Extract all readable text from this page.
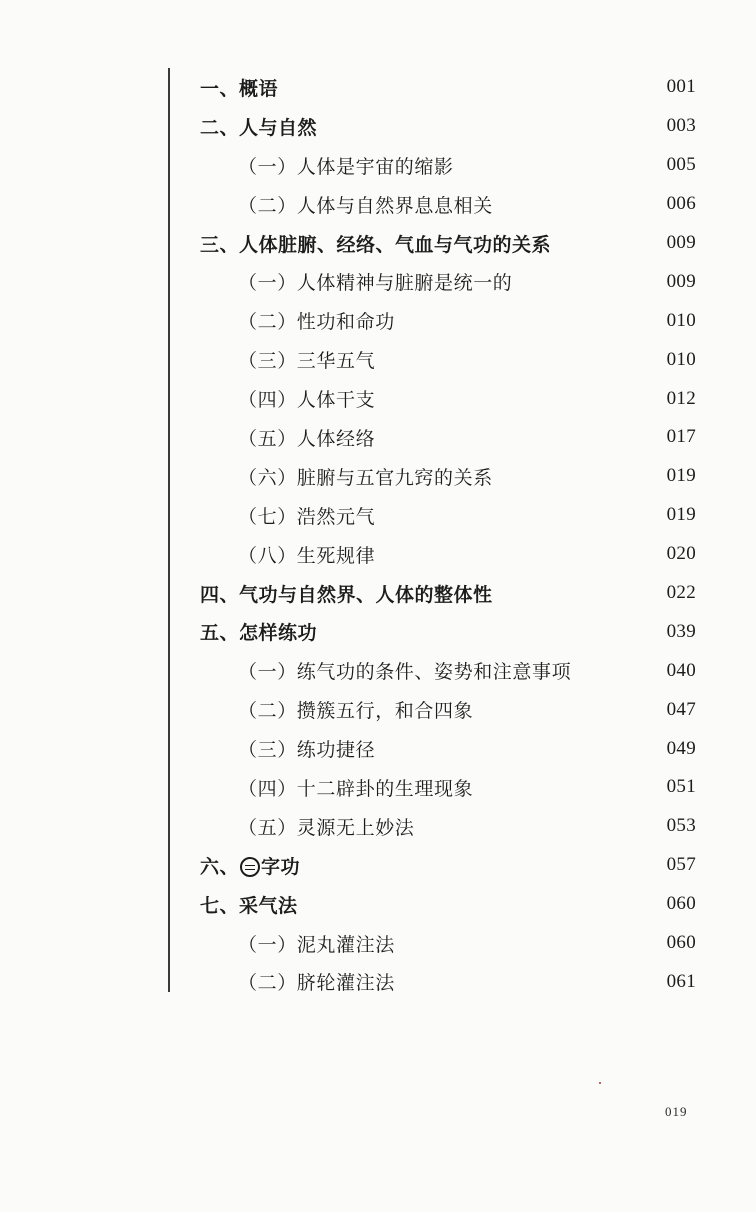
一、概语	001
二、人与自然	003
（一）人体是宇宙的缩影	005
（二）人体与自然界息息相关	006
三、人体脏腑、经络、气血与气功的关系	009
（一）人体精神与脏腑是统一的	009
（二）性功和命功	010
（三）三华五气	010
（四）人体干支	012
（五）人体经络	017
（六）脏腑与五官九窍的关系	019
（七）浩然元气	019
（八）生死规律	020
四、气功与自然界、人体的整体性	022
五、怎样练功	039
（一）练气功的条件、姿势和注意事项	040
（二）攒簇五行，和合四象	047
（三）练功捷径	049
（四）十二辟卦的生理现象	051
（五）灵源无上妙法	053
六、 字功	057
七、采气法	060
（一）泥丸灌注法	060
（二）脐轮灌注法	061
019
